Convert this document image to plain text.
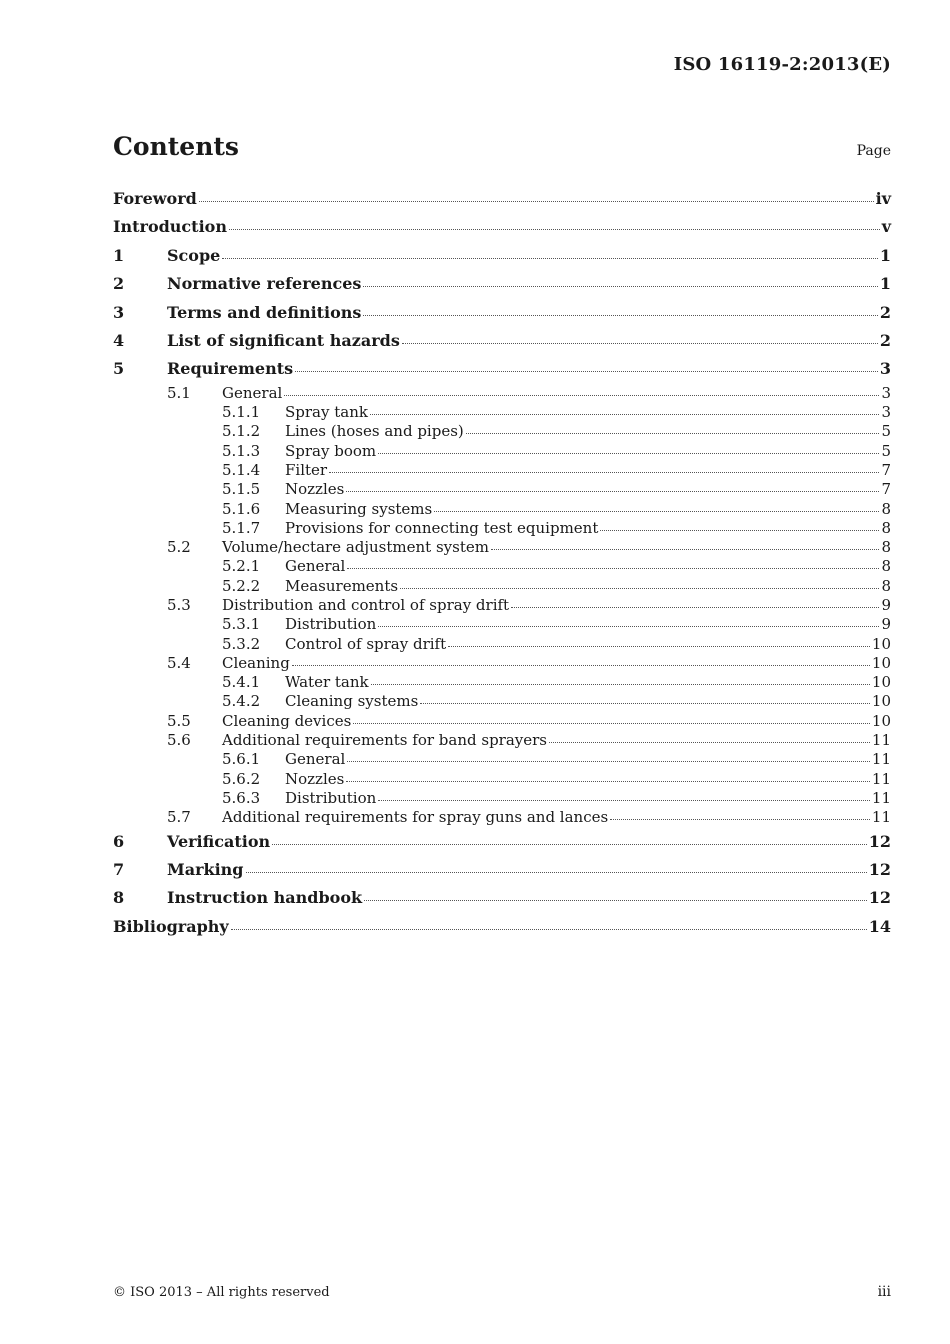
ISO 16119-2:2013(E)
Contents	Page
Foreword	iv
Introduction	v
1	Scope	1
2	Normative references	1
3	Terms and definitions	2
4	List of significant hazards	2
5	Requirements	3
5.1	General	3
5.1.1	Spray tank	3
5.1.2	Lines (hoses and pipes)	5
5.1.3	Spray boom	5
5.1.4	Filter	7
5.1.5	Nozzles	7
5.1.6	Measuring systems	8
5.1.7	Provisions for connecting test equipment	8
5.2	Volume/hectare adjustment system	8
5.2.1	General	8
5.2.2	Measurements	8
5.3	Distribution and control of spray drift	9
5.3.1	Distribution	9
5.3.2	Control of spray drift	10
5.4	Cleaning	10
5.4.1	Water tank	10
5.4.2	Cleaning systems	10
5.5	Cleaning devices	10
5.6	Additional requirements for band sprayers	11
5.6.1	General	11
5.6.2	Nozzles	11
5.6.3	Distribution	11
5.7	Additional requirements for spray guns and lances	11
6	Verification	12
7	Marking	12
8	Instruction handbook	12
Bibliography	14
© ISO 2013 – All rights reserved	iii
